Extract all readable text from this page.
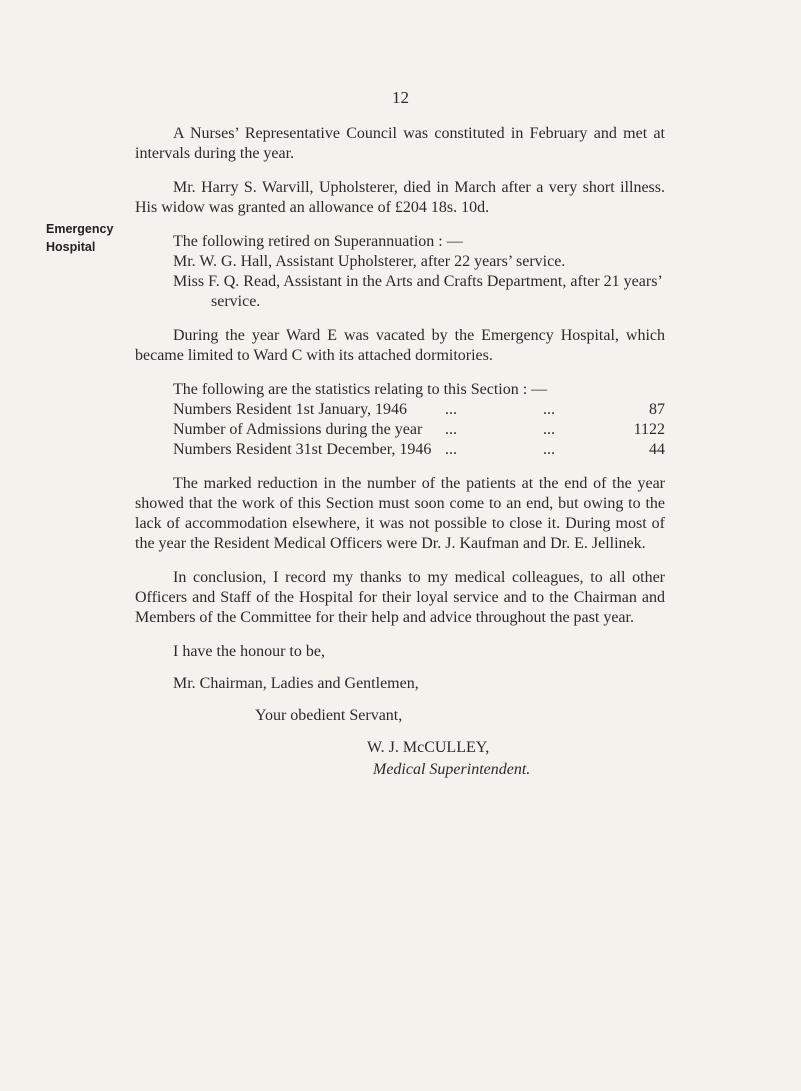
12
Emergency
Hospital

A Nurses’ Representative Council was constituted in February and met at intervals during the year.

Mr. Harry S. Warvill, Upholsterer, died in March after a very short illness. His widow was granted an allowance of £204 18s. 10d.

The following retired on Superannuation : —
Mr. W. G. Hall, Assistant Upholsterer, after 22 years’ service.
Miss F. Q. Read, Assistant in the Arts and Crafts Department, after 21 years’ service.

During the year Ward E was vacated by the Emergency Hospital, which became limited to Ward C with its attached dormitories.

The following are the statistics relating to this Section : —
Numbers Resident 1st January, 1946	...	...	87
Number of Admissions during the year	...	...	1122
Numbers Resident 31st December, 1946 ...	...	44

The marked reduction in the number of the patients at the end of the year showed that the work of this Section must soon come to an end, but owing to the lack of accommodation elsewhere, it was not possible to close it. During most of the year the Resident Medical Officers were Dr. J. Kaufman and Dr. E. Jellinek.

In conclusion, I record my thanks to my medical colleagues, to all other Officers and Staff of the Hospital for their loyal service and to the Chairman and Members of the Committee for their help and advice throughout the past year.

I have the honour to be,
Mr. Chairman, Ladies and Gentlemen,
Your obedient Servant,
W. J. McCULLEY,
Medical Superintendent.
